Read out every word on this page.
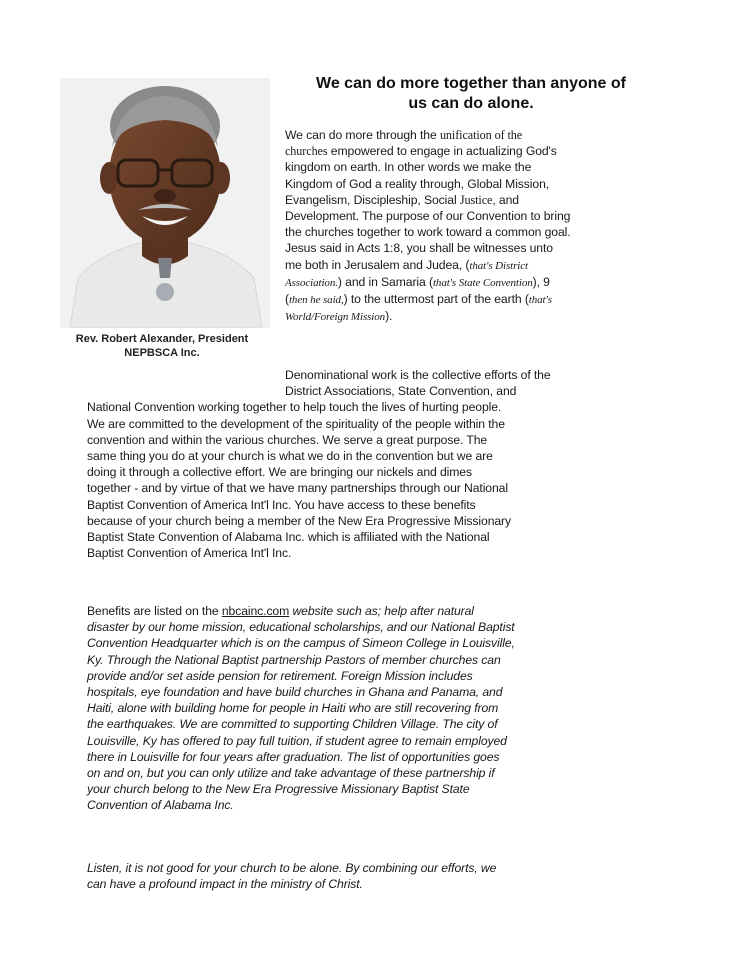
Rev. Robert Alexander, President
NEPBSCA Inc.
We can do more together than anyone of
us can do alone.
We can do more through the unification of the
churches empowered to engage in actualizing God's
kingdom on earth. In other words we make the
Kingdom of God a reality through, Global Mission,
Evangelism, Discipleship, Social Justice, and
Development. The purpose of our Convention to bring
the churches together to work toward a common goal.
Jesus said in Acts 1:8, you shall be witnesses unto
me both in Jerusalem and Judea, (that's District
Association.) and in Samaria (that's State Convention), 9
(then he said,) to the uttermost part of the earth (that's
World/Foreign Mission).
Denominational work is the collective efforts of the
District Associations, State Convention, and
National Convention working together to help touch the lives of hurting people.
We are committed to the development of the spirituality of the people within the
convention and within the various churches. We serve a great purpose. The
same thing you do at your church is what we do in the convention but we are
doing it through a collective effort. We are bringing our nickels and dimes
together - and by virtue of that we have many partnerships through our National
Baptist Convention of America Int'l Inc. You have access to these benefits
because of your church being a member of the New Era Progressive Missionary
Baptist State Convention of Alabama Inc. which is affiliated with the National
Baptist Convention of America Int'l Inc.
Benefits are listed on the nbcainc.com website such as; help after natural
disaster by our home mission, educational scholarships, and our National Baptist
Convention Headquarter which is on the campus of Simeon College in Louisville,
Ky. Through the National Baptist partnership Pastors of member churches can
provide and/or set aside pension for retirement. Foreign Mission includes
hospitals, eye foundation and have build churches in Ghana and Panama, and
Haiti, alone with building home for people in Haiti who are still recovering from
the earthquakes. We are committed to supporting Children Village. The city of
Louisville, Ky has offered to pay full tuition, if student agree to remain employed
there in Louisville for four years after graduation. The list of opportunities goes
on and on, but you can only utilize and take advantage of these partnership if
your church belong to the New Era Progressive Missionary Baptist State
Convention of Alabama Inc.
Listen, it is not good for your church to be alone. By combining our efforts, we
can have a profound impact in the ministry of Christ.
